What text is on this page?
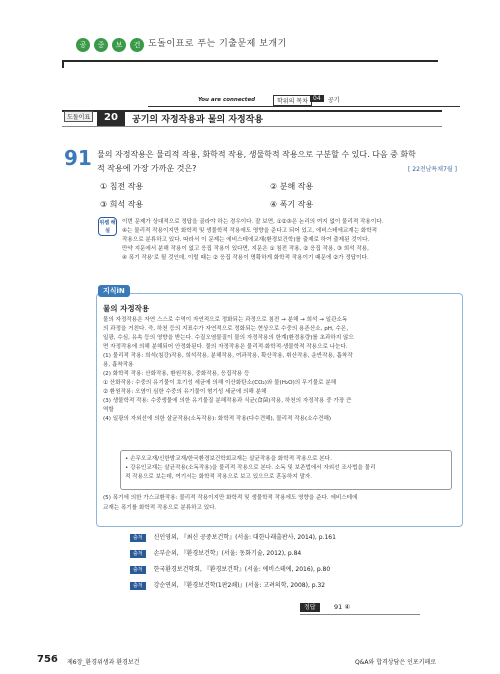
공	중	보	건 도돌이표로 푸는 기출문제 보개기
You are connected	학위의 목차 04	공기
도돌이표	20	공기의 자정작용과 물의 자정작용
91 물의 자정작용은 물리적 작용, 화학적 작용, 생물학적 작용으로 구분할 수 있다. 다음 중 화학
적 작용에 가장 가까운 것은?	[ 22전남특채7월 ]
① 침전 작용	② 분해 작용
③ 희석 작용	④ 폭기 작용
위쌤 해설
이번 문제가 상대적으로 정답을 골라야 하는 경우이다. 잘 보면, ①②③은 논리의 여지 없이 물리적 작용이다.
④는 물리적 작용이지만 화학적 및 생물학적 작용에도 영향을 준다고 되어 있고, 에비스테에교재는 화학적
작용으로 분류하고 있다. 따라서 이 문제는 에비스테에교재(환경보건학)를 출제로 하여 출제된 것이다.
만약 지문에서 분해 작용이 없고 응집 작용이 있다면, 지문은 ① 침전 작용, ② 응집 작용, ③ 희석 작용,
④ 폭기 작용'로 될 것인데, 이럴 때는 ② 응집 작용이 명확하게 화학적 작용이기 때문에 ②가 정답이다.
지식iN
물의 자정작용
물의 자정작용은 자연 스스로 수역이 자연적으로 정화되는 과정으로 침전 → 분해 → 희석 → 일관소독
의 과정을 거친다. 즉, 하천 등의 지표수가 자연적으로 정화되는 현상으로 수중의 용존산소, pH, 수온,
일광, 수심, 유속 등의 영향을 받는다. 수질오염물질이 물의 자정작용의 한계(환경용량)를 초과하지 않으
면 자정작용에 의해 분해되어 안정화된다. 물의 자정작용은 물리적·화학적·생물학적 작용으로 나눈다.
(1) 물리적 작용: 희석(침강)작용, 희석작용, 분해작용, 여과작용, 확산작용, 휘산작용, 운반작용, 흡착작
용, 흡착작용
(2) 화학적 작용: 산화작용, 환원작용, 중화작용, 응집작용 등
① 산화작용: 수중의 유기물이 호기성 세균에 의해 이산화탄소(CO₂)와 물(H₂O)의 무기물로 분해
② 환원작용: 오염이 심한 수중의 유기물이 혐기성 세균에 의해 분해
(3) 생물학적 작용: 수중생물에 의한 유기물질 분해작용과 식균(食菌)작용, 하천의 자정작용 중 가장 큰
역할
(4) 일광의 자외선에 의한 살균작용(소독작용): 화학적 작용(다수견해), 물리적 작용(소수견해)
• 손무오교재/신한밤교재/한국환경보건학회교재는 살균작용을 화학적 작용으로 본다.
• 강유인교재는 살균작용(소독작용)을 물리적 작용으로 본다. 소독 및 보존법에서 자외선 조사법을 물리
적 작용으로 보는데, 여기서는 화학적 작용으로 보고 있으므로 혼동하지 말자.
(5) 폭기에 의한 가스교환작용: 물리적 작용이지만 화학적 및 생물학적 작용에도 영향을 준다. 에비스테에
교재는 폭기를 화학적 작용으로 분류하고 있다.
출처 신인영외, 『최신 공중보건학』(서울: 대한나래출판사, 2014), p.161
출처 손부순외, 『환경보건학』(서울: 동화기술, 2012), p.84
출처 한국환경보건학회, 『환경보건학』(서울: 에비스테에, 2016), p.80
출처 강순연외, 『환경보건학(1판2쇄)』(서울: 고려의학, 2008), p.32
정답	91 ④
756 제6장_환경위생과 환경보건	Q&A와 합격상담은 인포키페로
